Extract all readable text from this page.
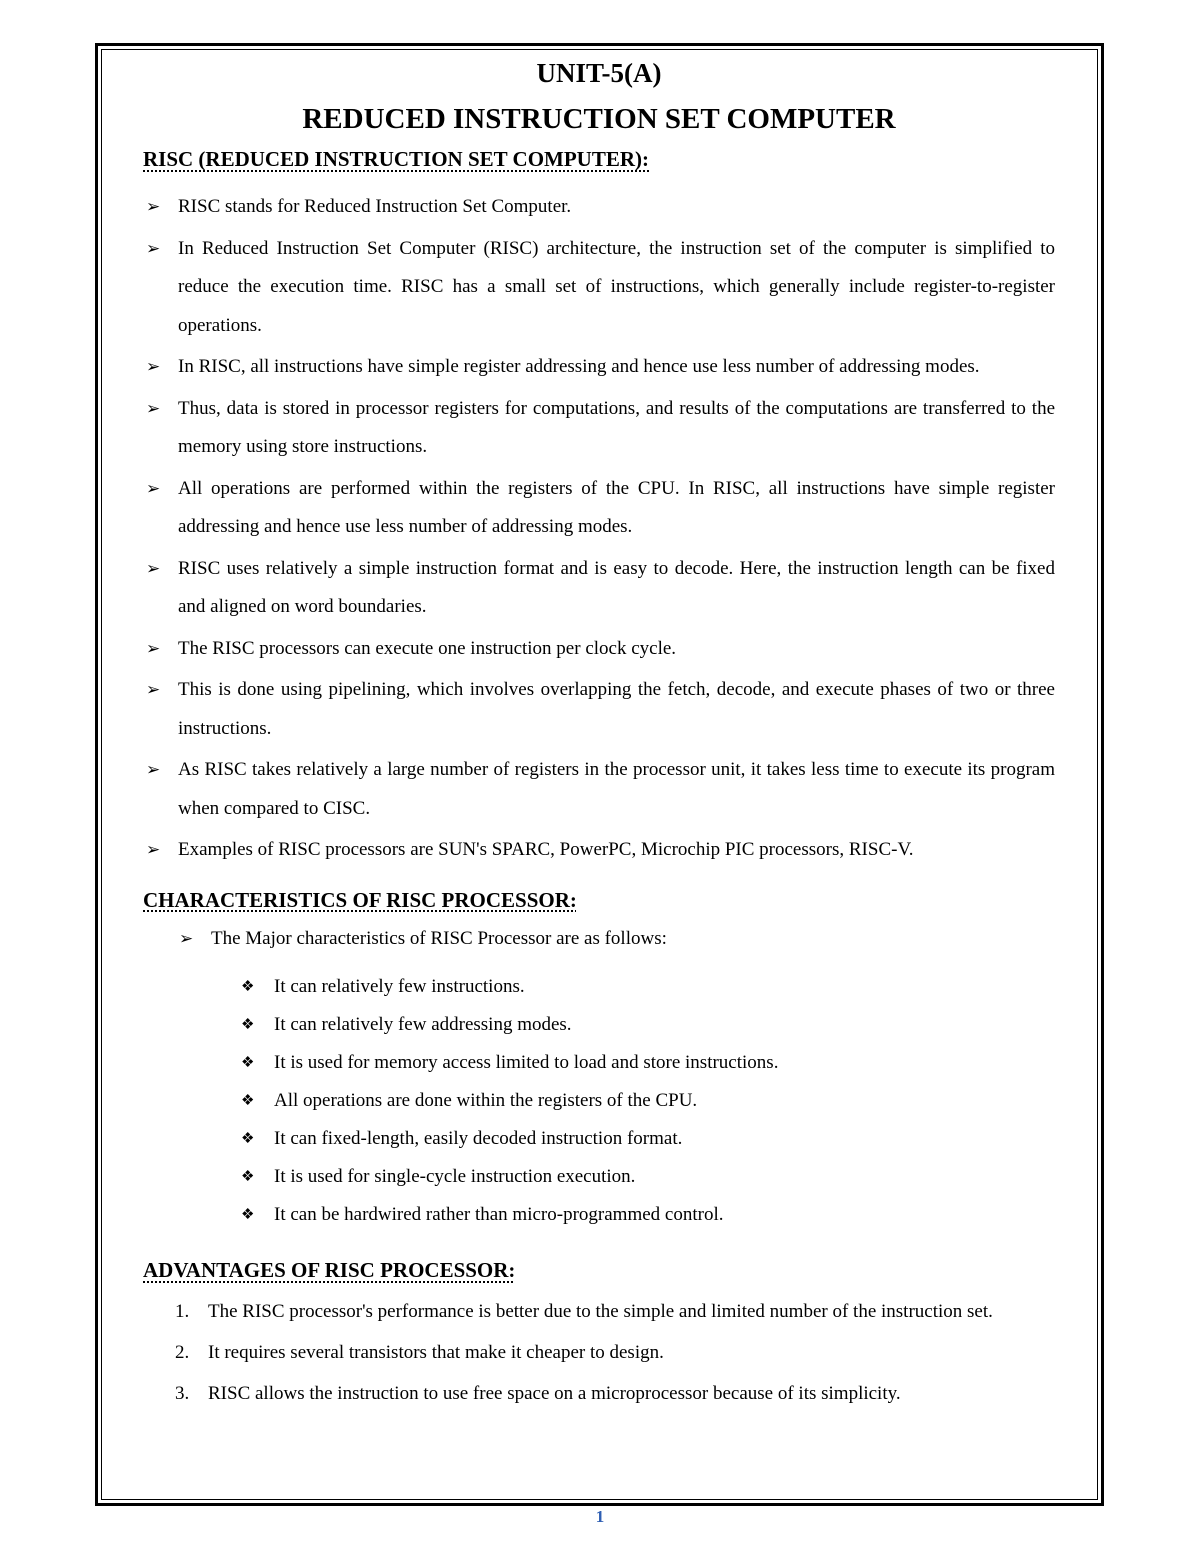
UNIT-5(A)
REDUCED INSTRUCTION SET COMPUTER
RISC (REDUCED INSTRUCTION SET COMPUTER):
➢ RISC stands for Reduced Instruction Set Computer.
➢ In Reduced Instruction Set Computer (RISC) architecture, the instruction set of the computer is simplified to reduce the execution time. RISC has a small set of instructions, which generally include register-to-register operations.
➢ In RISC, all instructions have simple register addressing and hence use less number of addressing modes.
➢ Thus, data is stored in processor registers for computations, and results of the computations are transferred to the memory using store instructions.
➢ All operations are performed within the registers of the CPU. In RISC, all instructions have simple register addressing and hence use less number of addressing modes.
➢ RISC uses relatively a simple instruction format and is easy to decode. Here, the instruction length can be fixed and aligned on word boundaries.
➢ The RISC processors can execute one instruction per clock cycle.
➢ This is done using pipelining, which involves overlapping the fetch, decode, and execute phases of two or three instructions.
➢ As RISC takes relatively a large number of registers in the processor unit, it takes less time to execute its program when compared to CISC.
➢ Examples of RISC processors are SUN's SPARC, PowerPC, Microchip PIC processors, RISC-V.
CHARACTERISTICS OF RISC PROCESSOR:
➢ The Major characteristics of RISC Processor are as follows:
❖ It can relatively few instructions.
❖ It can relatively few addressing modes.
❖ It is used for memory access limited to load and store instructions.
❖ All operations are done within the registers of the CPU.
❖ It can fixed-length, easily decoded instruction format.
❖ It is used for single-cycle instruction execution.
❖ It can be hardwired rather than micro-programmed control.
ADVANTAGES OF RISC PROCESSOR:
1. The RISC processor's performance is better due to the simple and limited number of the instruction set.
2. It requires several transistors that make it cheaper to design.
3. RISC allows the instruction to use free space on a microprocessor because of its simplicity.
1
